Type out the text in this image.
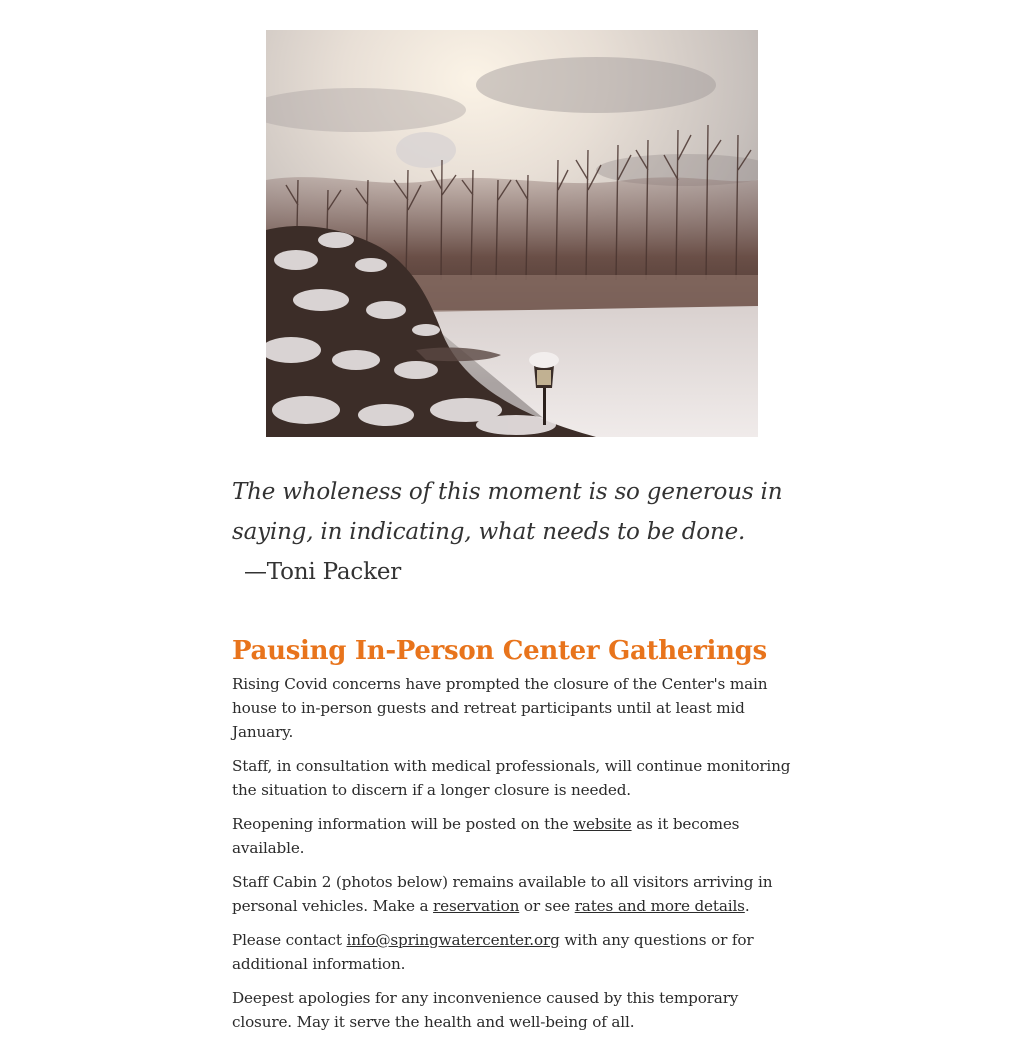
The wholeness of this moment is so generous in saying, in indicating, what needs to be done.

—Toni Packer

Pausing In-Person Center Gatherings

Rising Covid concerns have prompted the closure of the Center's main house to in-person guests and retreat participants until at least mid January.

Staff, in consultation with medical professionals, will continue monitoring the situation to discern if a longer closure is needed.

Reopening information will be posted on the website as it becomes available.

Staff Cabin 2 (photos below) remains available to all visitors arriving in personal vehicles. Make a reservation or see rates and more details.

Please contact info@springwatercenter.org with any questions or for additional information.

Deepest apologies for any inconvenience caused by this temporary closure. May it serve the health and well-being of all.
